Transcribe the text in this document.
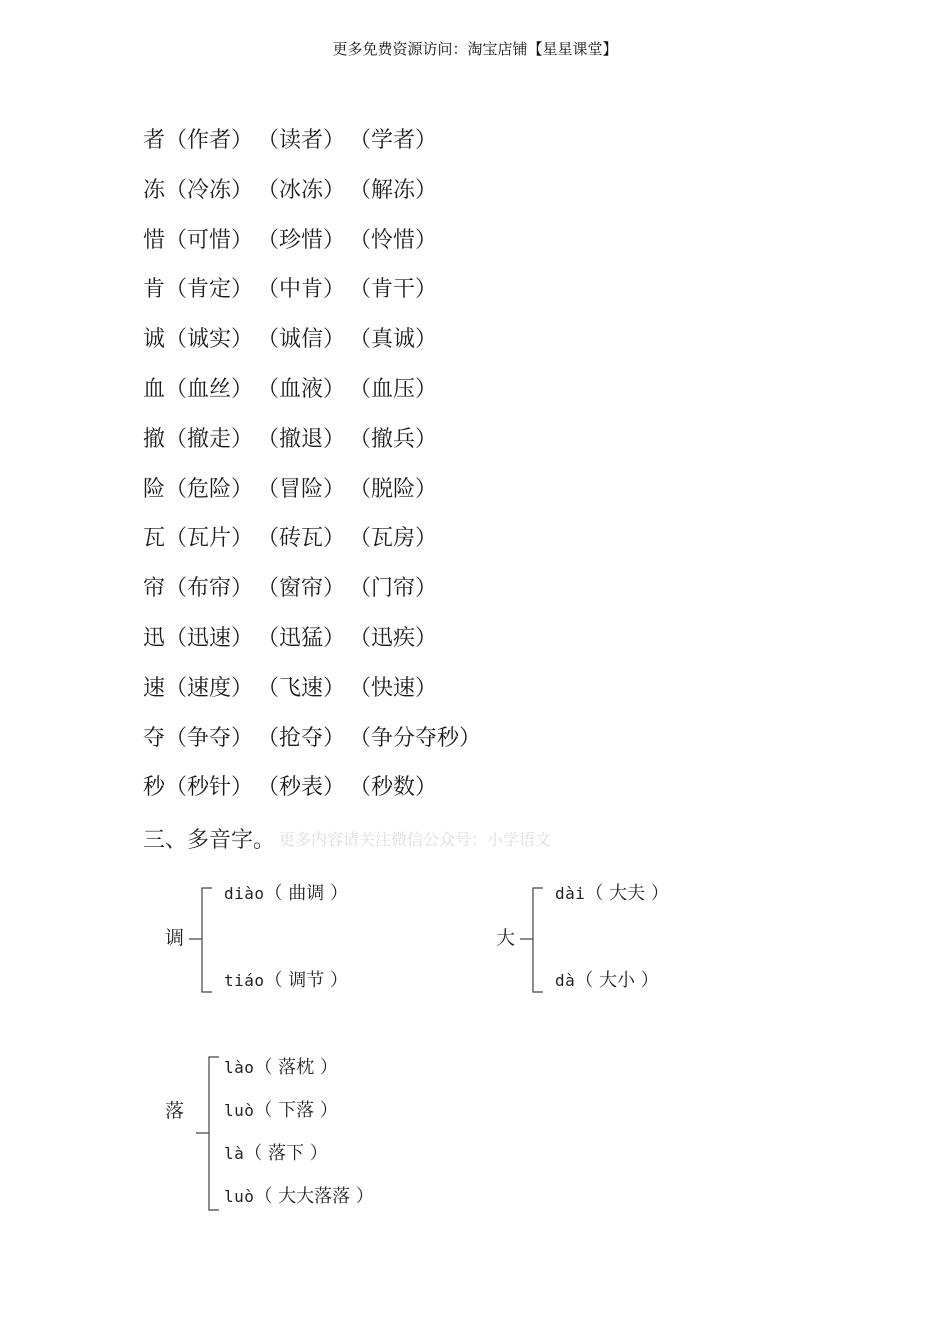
更多免费资源访问：淘宝店铺【星星课堂】
者（作者） （读者） （学者）
冻（冷冻） （冰冻） （解冻）
惜（可惜） （珍惜） （怜惜）
肯（肯定） （中肯） （肯干）
诚（诚实） （诚信） （真诚）
血（血丝） （血液） （血压）
撤（撤走） （撤退） （撤兵）
险（危险） （冒险） （脱险）
瓦（瓦片） （砖瓦） （瓦房）
帘（布帘） （窗帘） （门帘）
迅（迅速） （迅猛） （迅疾）
速（速度） （飞速） （快速）
夺（争夺） （抢夺） （争分夺秒）
秒（秒针） （秒表） （秒数）
三、多音字。 更多内容请关注微信公众号：小学语文
调
diào（ 曲调 ）
tiáo（ 调节 ）
大
dài（ 大夫 ）
dà（ 大小 ）
落
lào（ 落枕 ）
luò（ 下落 ）
là（ 落下 ）
luò（ 大大落落 ）
